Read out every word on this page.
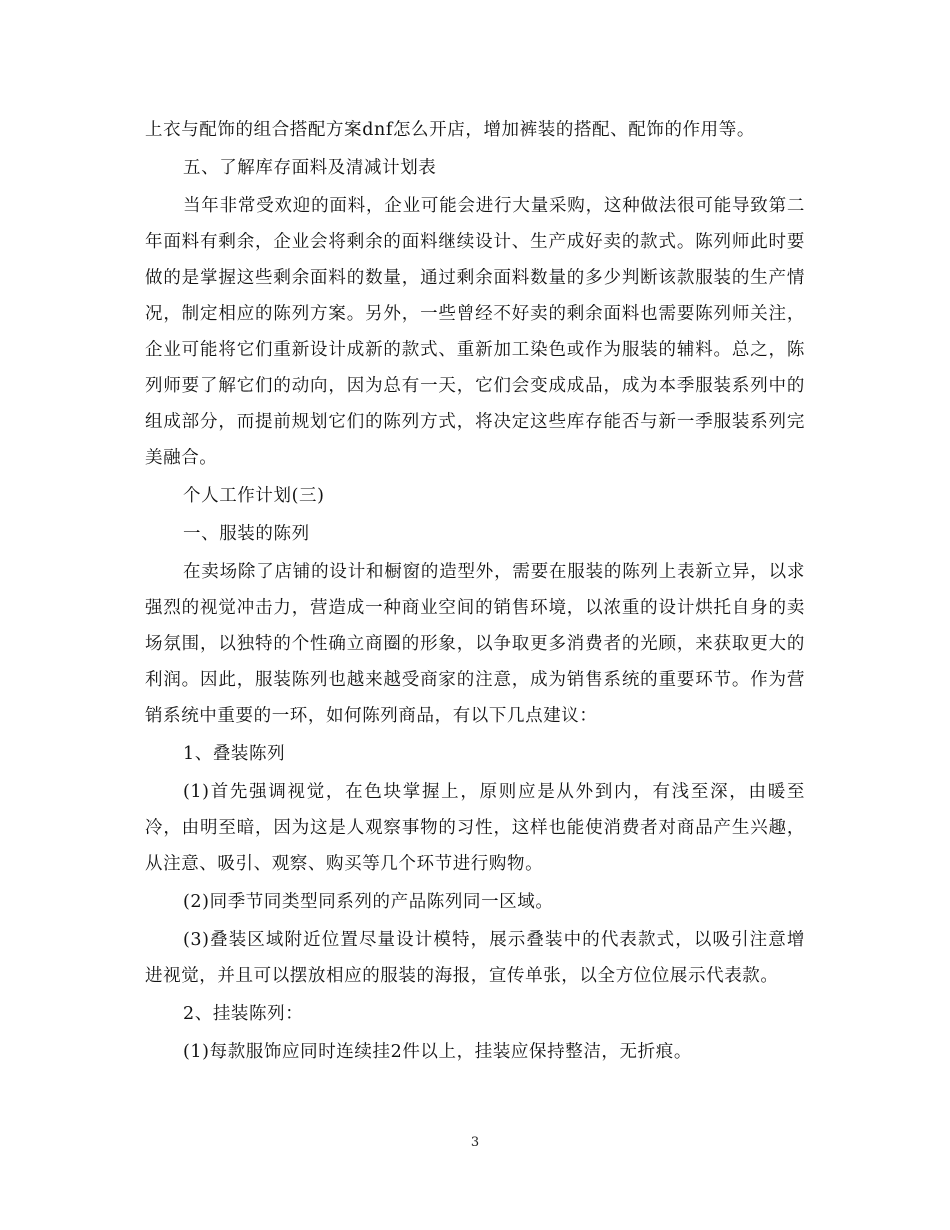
上衣与配饰的组合搭配方案dnf怎么开店，增加裤装的搭配、配饰的作用等。

五、了解库存面料及清减计划表

当年非常受欢迎的面料，企业可能会进行大量采购，这种做法很可能导致第二年面料有剩余，企业会将剩余的面料继续设计、生产成好卖的款式。陈列师此时要做的是掌握这些剩余面料的数量，通过剩余面料数量的多少判断该款服装的生产情况，制定相应的陈列方案。另外，一些曾经不好卖的剩余面料也需要陈列师关注，企业可能将它们重新设计成新的款式、重新加工染色或作为服装的辅料。总之，陈列师要了解它们的动向，因为总有一天，它们会变成成品，成为本季服装系列中的组成部分，而提前规划它们的陈列方式，将决定这些库存能否与新一季服装系列完美融合。

个人工作计划(三)

一、服装的陈列

在卖场除了店铺的设计和橱窗的造型外，需要在服装的陈列上表新立异，以求强烈的视觉冲击力，营造成一种商业空间的销售环境，以浓重的设计烘托自身的卖场氛围，以独特的个性确立商圈的形象，以争取更多消费者的光顾，来获取更大的利润。因此，服装陈列也越来越受商家的注意，成为销售系统的重要环节。作为营销系统中重要的一环，如何陈列商品，有以下几点建议：

1、叠装陈列

(1)首先强调视觉，在色块掌握上，原则应是从外到内，有浅至深，由暖至冷，由明至暗，因为这是人观察事物的习性，这样也能使消费者对商品产生兴趣，从注意、吸引、观察、购买等几个环节进行购物。

(2)同季节同类型同系列的产品陈列同一区域。

(3)叠装区域附近位置尽量设计模特，展示叠装中的代表款式，以吸引注意增进视觉，并且可以摆放相应的服装的海报，宣传单张，以全方位位展示代表款。

2、挂装陈列：

(1)每款服饰应同时连续挂2件以上，挂装应保持整洁，无折痕。

3
